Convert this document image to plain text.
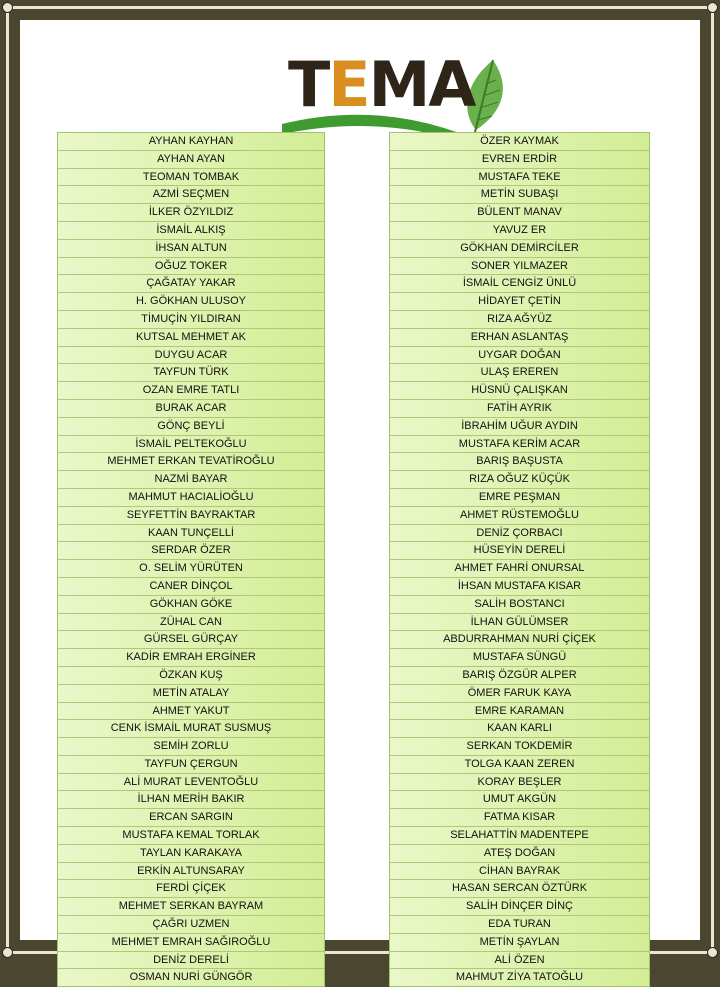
TEMA
AYHAN KAYHAN
AYHAN AYAN
TEOMAN TOMBAK
AZMİ SEÇMEN
İLKER ÖZYILDIZ
İSMAİL ALKIŞ
İHSAN ALTUN
OĞUZ TOKER
ÇAĞATAY YAKAR
H. GÖKHAN ULUSOY
TİMUÇİN YILDIRAN
KUTSAL MEHMET AK
DUYGU ACAR
TAYFUN TÜRK
OZAN EMRE TATLI
BURAK ACAR
GÖNÇ BEYLİ
İSMAİL PELTEKOĞLU
MEHMET ERKAN TEVATİROĞLU
NAZMİ BAYAR
MAHMUT HACIALİOĞLU
SEYFETTİN BAYRAKTAR
KAAN TUNÇELLİ
SERDAR ÖZER
O. SELİM YÜRÜTEN
CANER DİNÇOL
GÖKHAN GÖKE
ZÜHAL CAN
GÜRSEL GÜRÇAY
KADİR EMRAH ERGİNER
ÖZKAN KUŞ
METİN ATALAY
AHMET YAKUT
CENK İSMAİL MURAT SUSMUŞ
SEMİH ZORLU
TAYFUN ÇERGUN
ALİ MURAT LEVENTOĞLU
İLHAN MERİH BAKIR
ERCAN SARGIN
MUSTAFA KEMAL TORLAK
TAYLAN KARAKAYA
ERKİN ALTUNSARAY
FERDİ ÇİÇEK
MEHMET SERKAN BAYRAM
ÇAĞRI UZMEN
MEHMET EMRAH SAĞIROĞLU
DENİZ DERELİ
OSMAN NURİ GÜNGÖR
ÖZER KAYMAK
EVREN ERDİR
MUSTAFA TEKE
METİN SUBAŞI
BÜLENT MANAV
YAVUZ ER
GÖKHAN DEMİRCİLER
SONER YILMAZER
İSMAİL CENGİZ ÜNLÜ
HİDAYET ÇETİN
RIZA AĞYÜZ
ERHAN ASLANTAŞ
UYGAR DOĞAN
ULAŞ EREREN
HÜSNÜ ÇALIŞKAN
FATİH AYRIK
İBRAHİM UĞUR AYDIN
MUSTAFA KERİM ACAR
BARIŞ BAŞUSTA
RIZA OĞUZ KÜÇÜK
EMRE PEŞMAN
AHMET RÜSTEMOĞLU
DENİZ ÇORBACI
HÜSEYİN DERELİ
AHMET FAHRİ ONURSAL
İHSAN MUSTAFA KISAR
SALİH BOSTANCI
İLHAN GÜLÜMSER
ABDURRAHMAN NURİ ÇİÇEK
MUSTAFA SÜNGÜ
BARIŞ ÖZGÜR ALPER
ÖMER FARUK KAYA
EMRE KARAMAN
KAAN KARLI
SERKAN TOKDEMİR
TOLGA KAAN ZEREN
KORAY BEŞLER
UMUT AKGÜN
FATMA KISAR
SELAHATTİN MADENTEPE
ATEŞ DOĞAN
CİHAN BAYRAK
HASAN SERCAN ÖZTÜRK
SALİH DİNÇER DİNÇ
EDA TURAN
METİN ŞAYLAN
ALİ ÖZEN
MAHMUT ZİYA TATOĞLU
